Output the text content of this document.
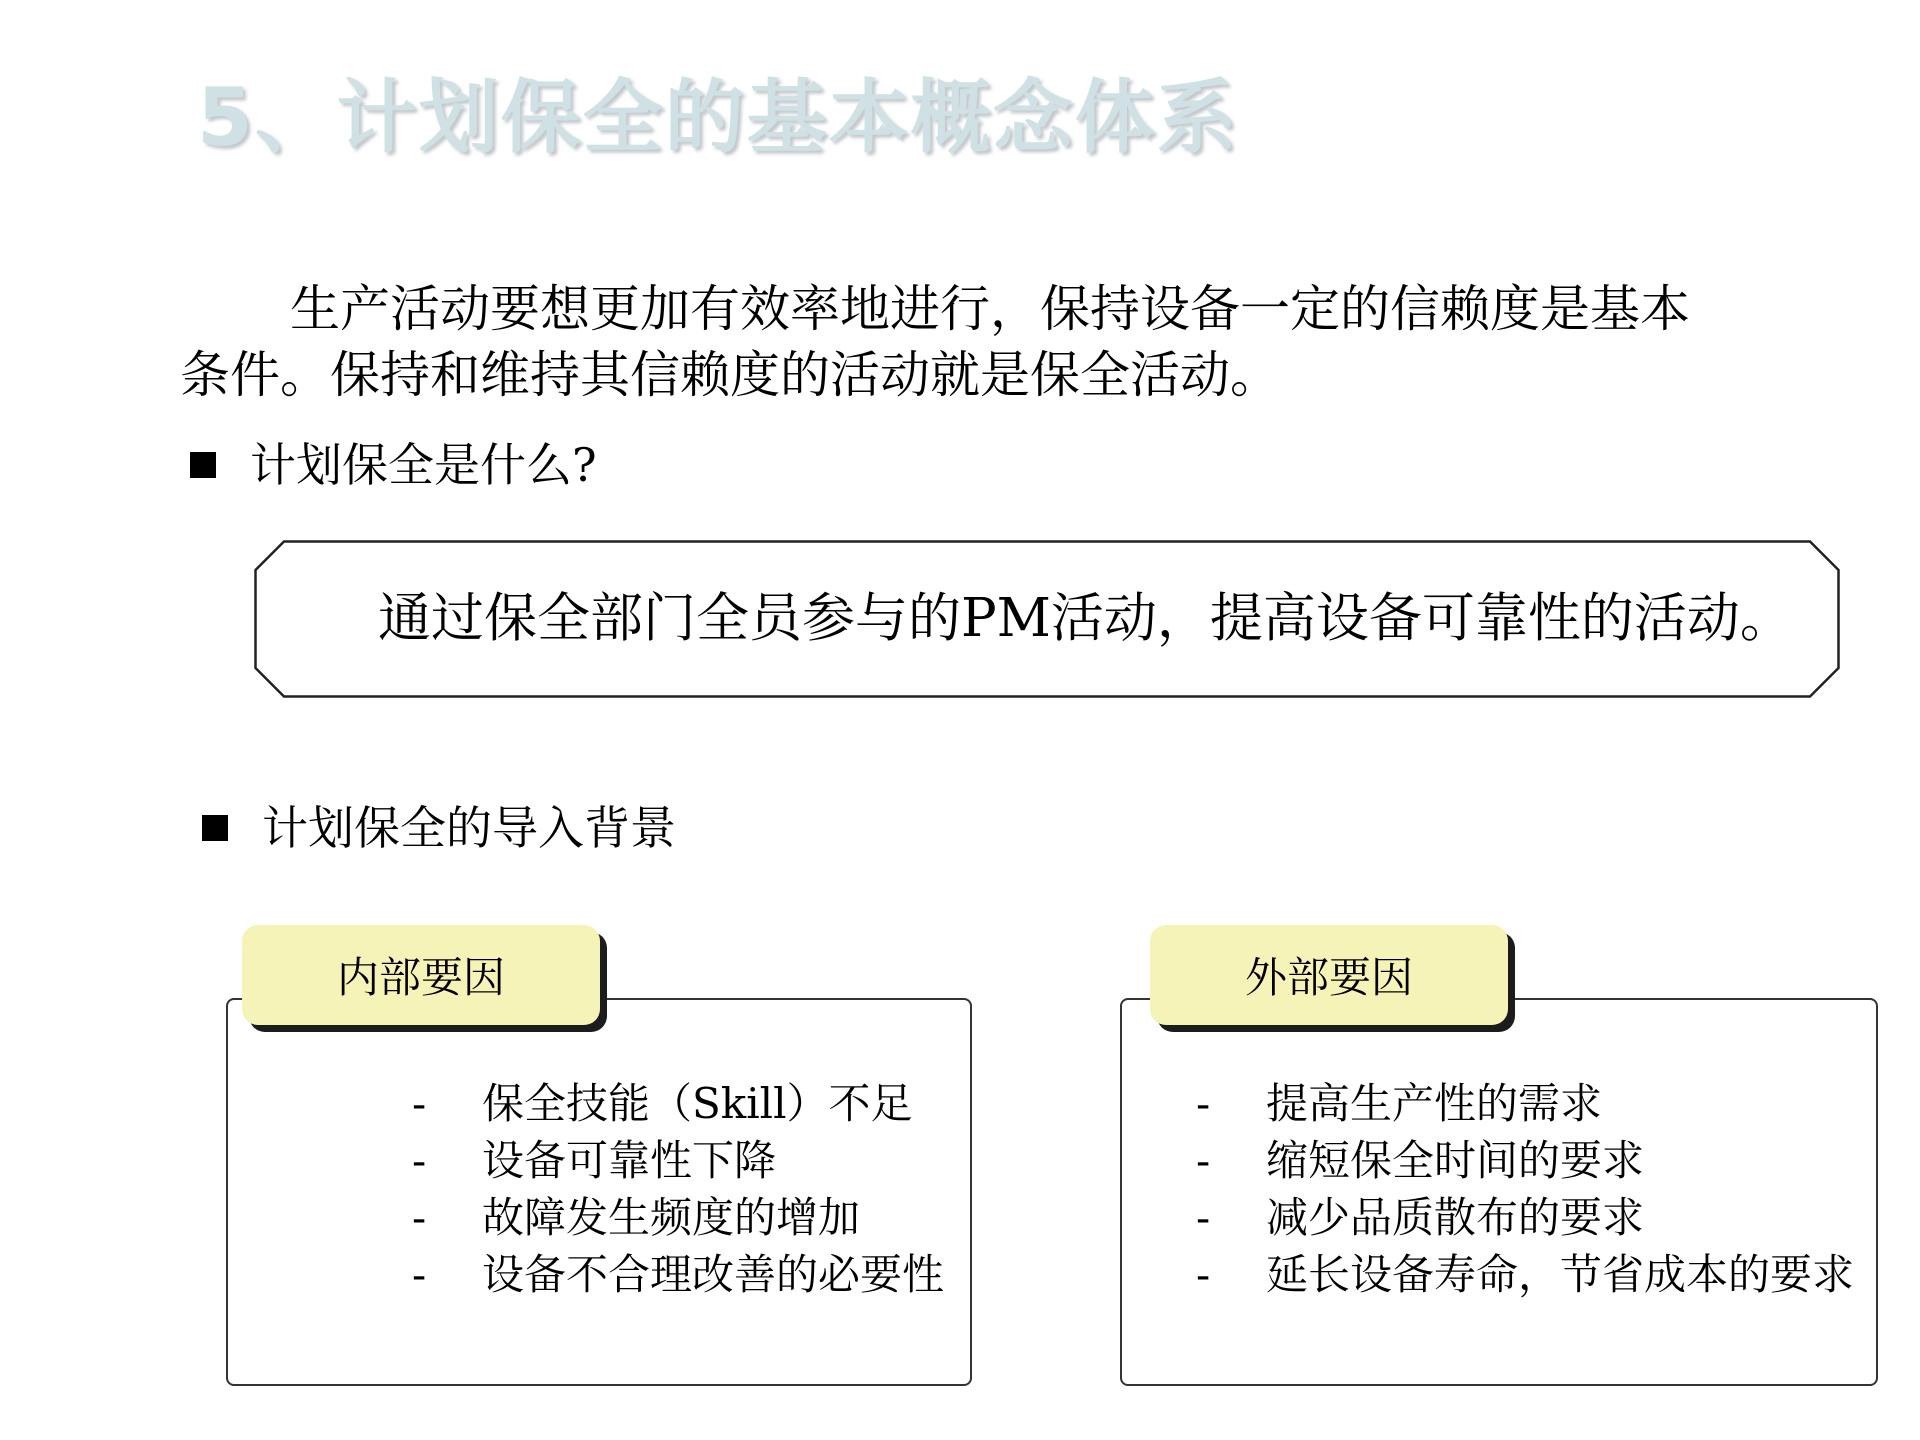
5、计划保全的基本概念体系

生产活动要想更加有效率地进行，保持设备一定的信赖度是基本
条件。保持和维持其信赖度的活动就是保全活动。

计划保全是什么?
通过保全部门全员参与的PM活动，提高设备可靠性的活动。
计划保全的导入背景
内部要因
-	保全技能（Skill）不足
-	设备可靠性下降
-	故障发生频度的增加
-	设备不合理改善的必要性
外部要因
-	提高生产性的需求
-	缩短保全时间的要求
-	减少品质散布的要求
-	延长设备寿命，节省成本的要求
